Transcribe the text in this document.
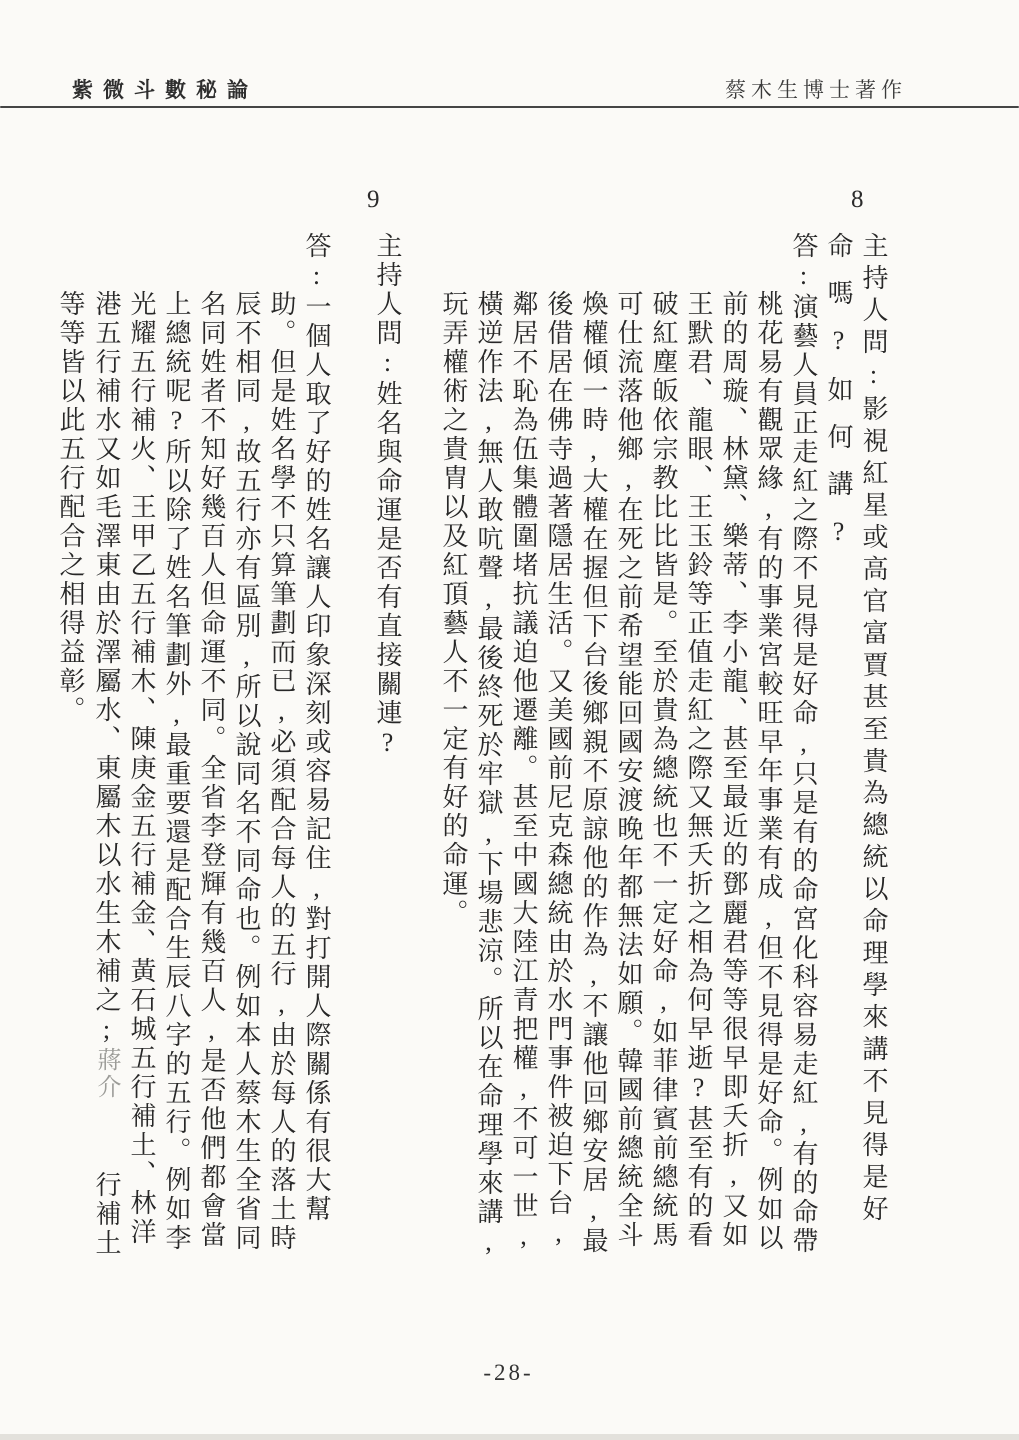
紫微斗數秘論	蔡木生博士著作
8
9
主持人問:影視紅星或高官富賈甚至貴為總統以命理學來講不見得是好
命嗎?如何講?
答:演藝人員正走紅之際不見得是好命,只是有的命宮化科容易走紅,有的命帶
桃花易有觀眾緣,有的事業宮較旺早年事業有成,但不見得是好命。例如以
前的周璇、林黛、樂蒂、李小龍、甚至最近的鄧麗君等等很早即夭折,又如
王默君、龍眼、王玉鈴等正值走紅之際又無夭折之相為何早逝?甚至有的看
破紅塵皈依宗教比比皆是。至於貴為總統也不一定好命,如菲律賓前總統馬
可仕流落他鄉,在死之前希望能回國安渡晚年都無法如願。韓國前總統全斗
煥權傾一時,大權在握但下台後鄉親不原諒他的作為,不讓他回鄉安居,最
後借居在佛寺過著隱居生活。又美國前尼克森總統由於水門事件被迫下台,
鄰居不恥為伍集體圍堵抗議迫他遷離。甚至中國大陸江青把權,不可一世,
橫逆作法,無人敢吭聲,最後終死於牢獄,下場悲涼。所以在命理學來講,
玩弄權術之貴胄以及紅頂藝人不一定有好的命運。
主持人問:姓名與命運是否有直接關連?
答:一個人取了好的姓名讓人印象深刻或容易記住,對打開人際關係有很大幫
助。但是姓名學不只算筆劃而已,必須配合每人的五行,由於每人的落土時
辰不相同,故五行亦有區別,所以說同名不同命也。例如本人蔡木生全省同
名同姓者不知好幾百人但命運不同。全省李登輝有幾百人,是否他們都會當
上總統呢?所以除了姓名筆劃外,最重要還是配合生辰八字的五行。例如李
光耀五行補火、王甲乙五行補木、陳庚金五行補金、黃石城五行補土、林洋
港五行補水又如毛澤東由於澤屬水、東屬木以水生木補之;蔣介行補土
等等皆以此五行配合之相得益彰。
-28-
